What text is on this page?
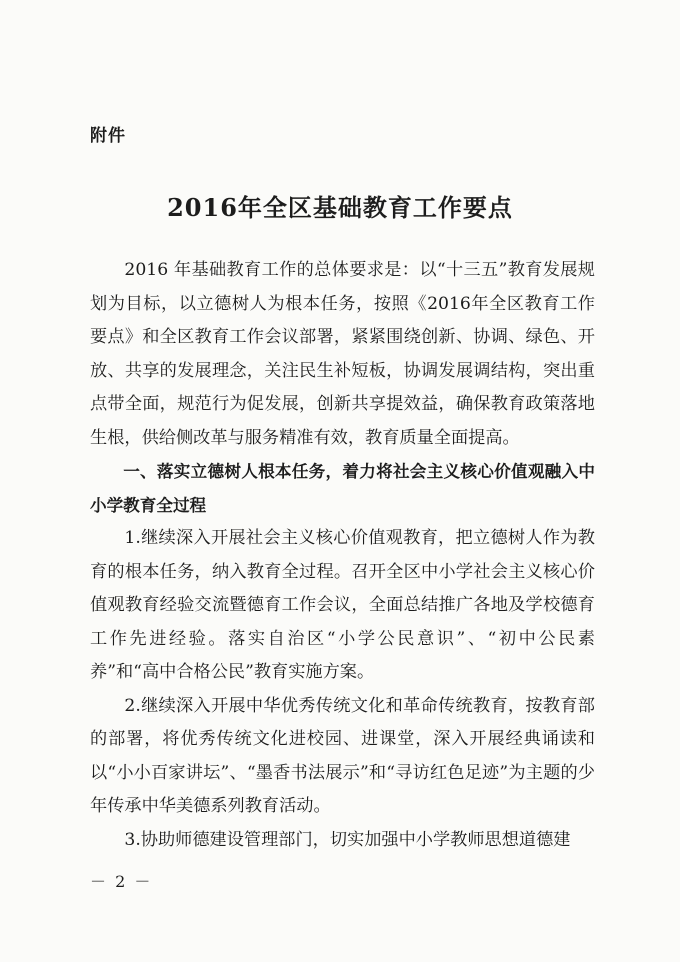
附件
2016年全区基础教育工作要点

2016 年基础教育工作的总体要求是：以“十三五”教育发展规划为目标，以立德树人为根本任务，按照《2016年全区教育工作要点》和全区教育工作会议部署，紧紧围绕创新、协调、绿色、开放、共享的发展理念，关注民生补短板，协调发展调结构，突出重点带全面，规范行为促发展，创新共享提效益，确保教育政策落地生根，供给侧改革与服务精准有效，教育质量全面提高。

一、落实立德树人根本任务，着力将社会主义核心价值观融入中小学教育全过程

1.继续深入开展社会主义核心价值观教育，把立德树人作为教育的根本任务，纳入教育全过程。召开全区中小学社会主义核心价值观教育经验交流暨德育工作会议，全面总结推广各地及学校德育工作先进经验。落实自治区“小学公民意识”、“初中公民素养”和“高中合格公民”教育实施方案。

2.继续深入开展中华优秀传统文化和革命传统教育，按教育部的部署，将优秀传统文化进校园、进课堂，深入开展经典诵读和以“小小百家讲坛”、“墨香书法展示”和“寻访红色足迹”为主题的少年传承中华美德系列教育活动。

3.协助师德建设管理部门，切实加强中小学教师思想道德建

－ 2 －
